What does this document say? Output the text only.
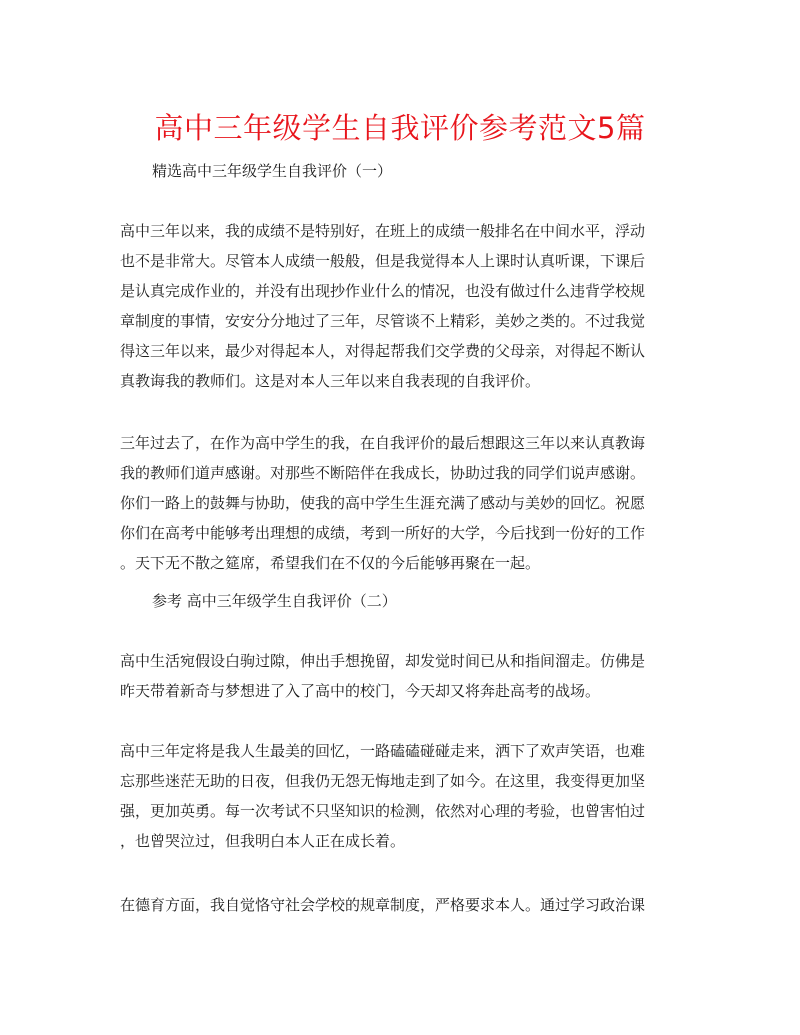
高中三年级学生自我评价参考范文5篇
精选高中三年级学生自我评价（一）
高中三年以来，我的成绩不是特别好，在班上的成绩一般排名在中间水平，浮动
也不是非常大。尽管本人成绩一般般，但是我觉得本人上课时认真听课，下课后
是认真完成作业的，并没有出现抄作业什么的情况，也没有做过什么违背学校规
章制度的事情，安安分分地过了三年，尽管谈不上精彩，美妙之类的。不过我觉
得这三年以来，最少对得起本人，对得起帮我们交学费的父母亲，对得起不断认
真教诲我的教师们。这是对本人三年以来自我表现的自我评价。
三年过去了，在作为高中学生的我，在自我评价的最后想跟这三年以来认真教诲
我的教师们道声感谢。对那些不断陪伴在我成长，协助过我的同学们说声感谢。
你们一路上的鼓舞与协助，使我的高中学生生涯充满了感动与美妙的回忆。祝愿
你们在高考中能够考出理想的成绩，考到一所好的大学，今后找到一份好的工作
。天下无不散之筵席，希望我们在不仅的今后能够再聚在一起。
参考 高中三年级学生自我评价（二）
高中生活宛假设白驹过隙，伸出手想挽留，却发觉时间已从和指间溜走。仿佛是
昨天带着新奇与梦想进了入了高中的校门，今天却又将奔赴高考的战场。
高中三年定将是我人生最美的回忆，一路磕磕碰碰走来，洒下了欢声笑语，也难
忘那些迷茫无助的日夜，但我仍无怨无悔地走到了如今。在这里，我变得更加坚
强，更加英勇。每一次考试不只坚知识的检测，依然对心理的考验，也曾害怕过
，也曾哭泣过，但我明白本人正在成长着。
在德育方面，我自觉恪守社会学校的规章制度，严格要求本人。通过学习政治课
